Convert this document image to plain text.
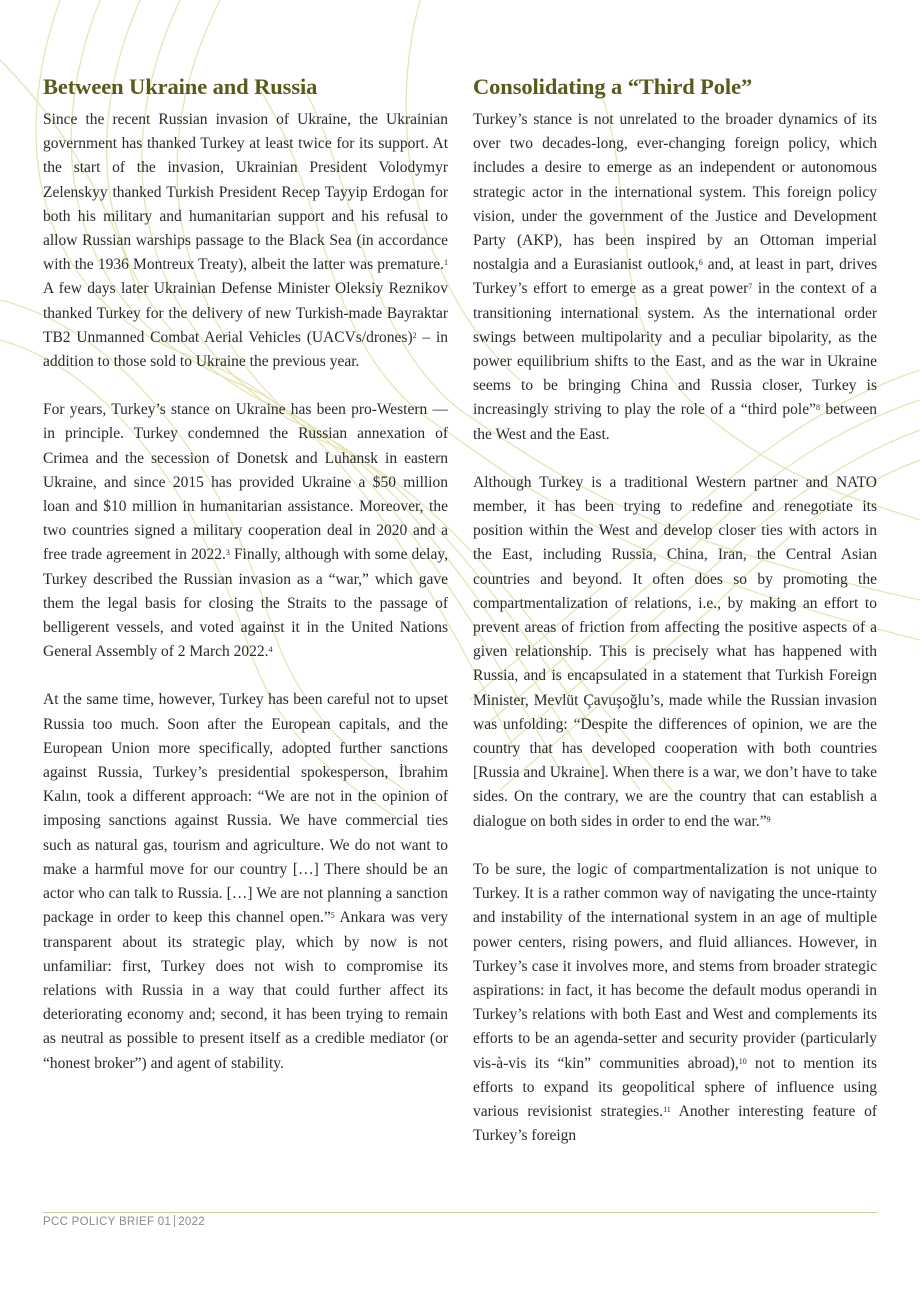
Between Ukraine and Russia

Since the recent Russian invasion of Ukraine, the Ukrainian government has thanked Turkey at least twice for its support. At the start of the invasion, Ukrainian President Volodymyr Zelenskyy thanked Turkish President Recep Tayyip Erdogan for both his military and humanitarian support and his refusal to allow Russian warships passage to the Black Sea (in accordance with the 1936 Montreux Treaty), albeit the latter was premature.$^1$ A few days later Ukrainian Defense Minister Oleksiy Reznikov thanked Turkey for the delivery of new Turkish-made Bayraktar TB2 Unmanned Combat Aerial Vehicles (UACVs/drones)$^2$ – in addition to those sold to Ukraine the previous year.

For years, Turkey’s stance on Ukraine has been pro-Western —in principle. Turkey condemned the Russian annexation of Crimea and the secession of Donetsk and Luhansk in eastern Ukraine, and since 2015 has provided Ukraine a $50 million loan and $10 million in humanitarian assistance. Moreover, the two countries signed a military cooperation deal in 2020 and a free trade agreement in 2022.$^3$ Finally, although with some delay, Turkey described the Russian invasion as a “war,” which gave them the legal basis for closing the Straits to the passage of belligerent vessels, and voted against it in the United Nations General Assembly of 2 March 2022.$^4$

At the same time, however, Turkey has been careful not to upset Russia too much. Soon after the European capitals, and the European Union more specifically, adopted further sanctions against Russia, Turkey’s presidential spokesperson, İbrahim Kalın, took a different approach: “We are not in the opinion of imposing sanctions against Russia. We have commercial ties such as natural gas, tourism and agriculture. We do not want to make a harmful move for our country […] There should be an actor who can talk to Russia. […] We are not planning a sanction package in order to keep this channel open.”$^5$ Ankara was very transparent about its strategic play, which by now is not unfamiliar: first, Turkey does not wish to compromise its relations with Russia in a way that could further affect its deteriorating economy and; second, it has been trying to remain as neutral as possible to present itself as a credible mediator (or “honest broker”) and agent of stability.

Consolidating a “Third Pole”

Turkey’s stance is not unrelated to the broader dynamics of its over two decades-long, ever-changing foreign policy, which includes a desire to emerge as an independent or autonomous strategic actor in the international system. This foreign policy vision, under the government of the Justice and Development Party (AKP), has been inspired by an Ottoman imperial nostalgia and a Eurasianist outlook,$^6$ and, at least in part, drives Turkey’s effort to emerge as a great power$^7$ in the context of a transitioning international system. As the international order swings between multipolarity and a peculiar bipolarity, as the power equilibrium shifts to the East, and as the war in Ukraine seems to be bringing China and Russia closer, Turkey is increasingly striving to play the role of a “third pole”$^8$ between the West and the East.

Although Turkey is a traditional Western partner and NATO member, it has been trying to redefine and renegotiate its position within the West and develop closer ties with actors in the East, including Russia, China, Iran, the Central Asian countries and beyond. It often does so by promoting the compartmentalization of relations, i.e., by making an effort to prevent areas of friction from affecting the positive aspects of a given relationship. This is precisely what has happened with Russia, and is encapsulated in a statement that Turkish Foreign Minister, Mevlüt Çavuşoğlu’s, made while the Russian invasion was unfolding: “Despite the differences of opinion, we are the country that has developed cooperation with both countries [Russia and Ukraine]. When there is a war, we don’t have to take sides. On the contrary, we are the country that can establish a dialogue on both sides in order to end the war.”$^9$

To be sure, the logic of compartmentalization is not unique to Turkey. It is a rather common way of navigating the unce-rtainty and instability of the international system in an age of multiple power centers, rising powers, and fluid alliances. However, in Turkey’s case it involves more, and stems from broader strategic aspirations: in fact, it has become the default modus operandi in Turkey’s relations with both East and West and complements its efforts to be an agenda-setter and security provider (particularly vis-à-vis its “kin” communities abroad),$^{10}$ not to mention its efforts to expand its geopolitical sphere of influence using various revisionist strategies.$^{11}$ Another interesting feature of Turkey’s foreign

PCC POLICY BRIEF 01 2022
